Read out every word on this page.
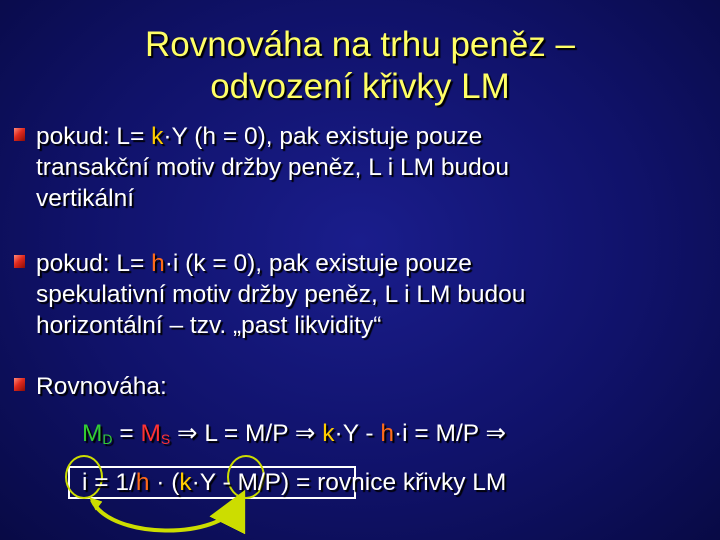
Rovnováha na trhu peněz –
odvození křivky LM
pokud: L= k·Y (h = 0), pak existuje pouze
transakční motiv držby peněz, L i LM budou
vertikální
pokud: L= h·i (k = 0), pak existuje pouze
spekulativní motiv držby peněz, L i LM budou
horizontální – tzv. „past likvidity“
Rovnováha:
$M_D = M_S$ ⇒ L = M/P ⇒ k·Y - h·i = M/P ⇒
i = 1/h · (k·Y - M/P) = rovnice křivky LM
